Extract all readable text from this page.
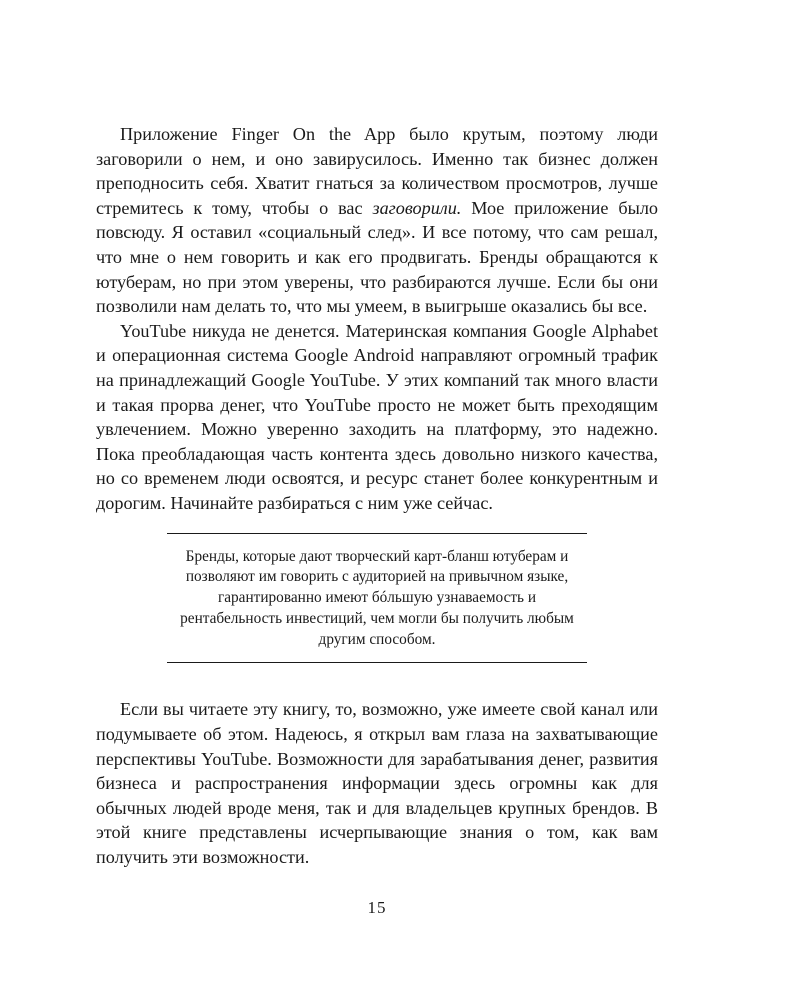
Приложение Finger On the App было крутым, поэтому люди заговорили о нем, и оно завирусилось. Именно так бизнес должен преподносить себя. Хватит гнаться за количеством просмотров, лучше стремитесь к тому, чтобы о вас заговорили. Мое приложение было повсюду. Я оставил «социальный след». И все потому, что сам решал, что мне о нем говорить и как его продвигать. Бренды обращаются к ютуберам, но при этом уверены, что разбираются лучше. Если бы они позволили нам делать то, что мы умеем, в выигрыше оказались бы все.

YouTube никуда не денется. Материнская компания Google Alphabet и операционная система Google Android направляют огромный трафик на принадлежащий Google YouTube. У этих компаний так много власти и такая прорва денег, что YouTube просто не может быть преходящим увлечением. Можно уверенно заходить на платформу, это надежно. Пока преобладающая часть контента здесь довольно низкого качества, но со временем люди освоятся, и ресурс станет более конкурентным и дорогим. Начинайте разбираться с ним уже сейчас.

Бренды, которые дают творческий карт-бланш ютуберам и позволяют им говорить с аудиторией на привычном языке, гарантированно имеют бóльшую узнаваемость и рентабельность инвестиций, чем могли бы получить любым другим способом.

Если вы читаете эту книгу, то, возможно, уже имеете свой канал или подумываете об этом. Надеюсь, я открыл вам глаза на захватывающие перспективы YouTube. Возможности для зарабатывания денег, развития бизнеса и распространения информации здесь огромны как для обычных людей вроде меня, так и для владельцев крупных брендов. В этой книге представлены исчерпывающие знания о том, как вам получить эти возможности.

15
